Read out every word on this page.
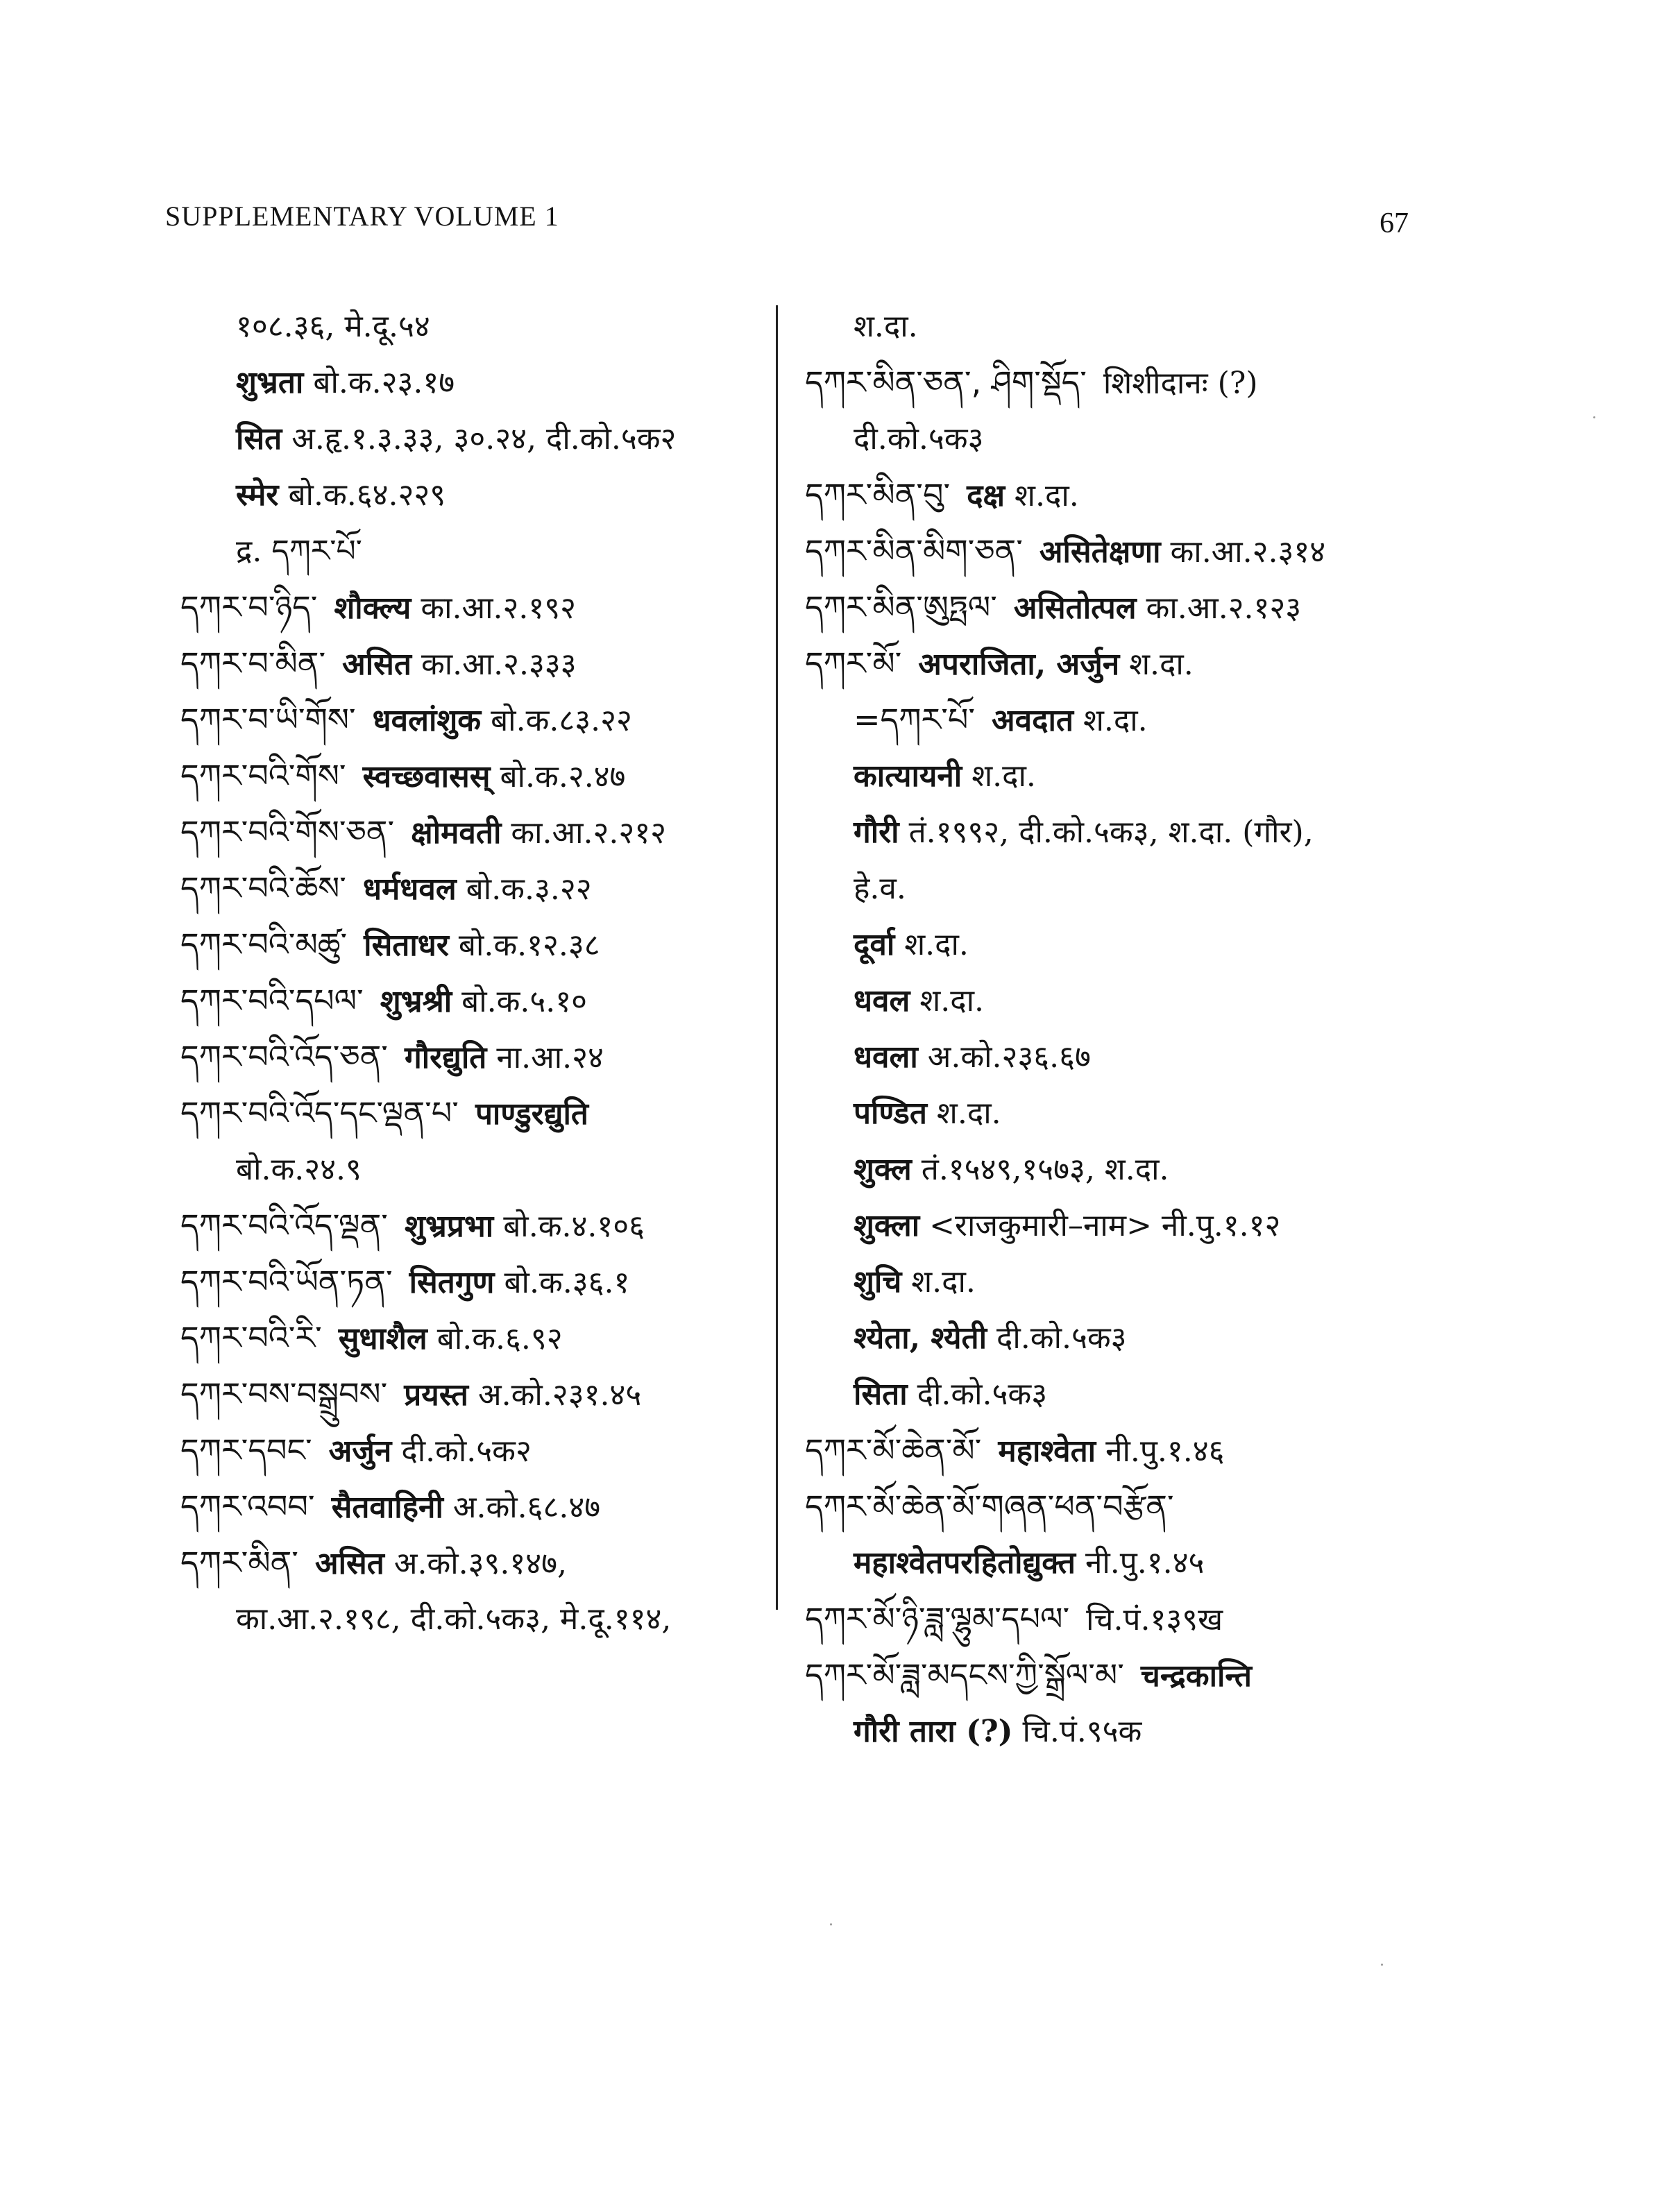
SUPPLEMENTARY VOLUME 1	67
१०८.३६, मे.दू.५४
शुभ्रता बो.क.२३.१७
सित अ.हृ.१.३.३३, ३०.२४, दी.को.५क२
स्मेर बो.क.६४.२२९
द्र. དཀར་པོ་
དཀར་བ་ཉིད་ शौक्ल्य का.आ.२.१९२
དཀར་བ་མིན་ असित का.आ.२.३३३
དཀར་བ་ཡི་གོས་ धवलांशुक बो.क.८३.२२
དཀར་བའི་གོས་ स्वच्छवासस् बो.क.२.४७
དཀར་བའི་གོས་ཅན་ क्षोमवती का.आ.२.२१२
དཀར་བའི་ཆོས་ धर्मधवल बो.क.३.२२
དཀར་བའི་མཚུ་ सिताधर बो.क.१२.३८
དཀར་བའི་དཔལ་ शुभ्रश्री बो.क.५.१०
དཀར་བའི་འོད་ཅན་ गौरद्युति ना.आ.२४
དཀར་བའི་འོད་དང་ལྡན་པ་ पाण्डुरद्युति
बो.क.२४.९
དཀར་བའི་འོད་ལྡན་ शुभ्रप्रभा बो.क.४.१०६
དཀར་བའི་ཡོན་ཏན་ सितगुण बो.क.३६.१
དཀར་བའི་རི་ सुधाशैल बो.क.६.९२
དཀར་བས་བསྒྲུབས་ प्रयस्त अ.को.२३१.४५
དཀར་དབང་ अर्जुन दी.को.५क२
དཀར་འབབ་ सैतवाहिनी अ.को.६८.४७
དཀར་མིན་ असित अ.को.३९.१४७,
का.आ.२.१९८, दी.को.५क३, मे.दू.११४,
श.दा.
དཀར་མིན་ཅན་, ཤིག་སྡོད་ शिशीदानः (?)
दी.को.५क३
དཀར་མིན་བུ་ दक्ष श.दा.
དཀར་མིན་མིག་ཅན་ असितेक्षणा का.आ.२.३१४
དཀར་མིན་ཨུཏྤལ་ असितोत्पल का.आ.२.१२३
དཀར་མོ་ अपराजिता, अर्जुन श.दा.
=དཀར་པོ་ अवदात श.दा.
कात्यायनी श.दा.
गौरी तं.१९९२, दी.को.५क३, श.दा. (गौर),
हे.व.
दूर्वा श.दा.
धवल श.दा.
धवला अ.को.२३६.६७
पण्डित श.दा.
शुक्ल तं.१५४९,१५७३, श.दा.
शुक्ला <राजकुमारी–नाम> नी.पु.१.१२
शुचि श.दा.
श्येता, श्येती दी.को.५क३
सिता दी.को.५क३
དཀར་མོ་ཆེན་མོ་ महाश्वेता नी.पु.१.४६
དཀར་མོ་ཆེན་མོ་གཞན་ཕན་བརྩོན་
महाश्वेतपरहितोद्युक्त नी.पु.१.४५
དཀར་མོ་ཉི་ཟླ་ལྷུམ་དཔལ་ चि.पं.१३९ख
དཀར་མོ་ཟླ་མདངས་ཀྱི་སྒྲོལ་མ་ चन्द्रकान्ति
गौरी तारा (?) चि.पं.९५क
